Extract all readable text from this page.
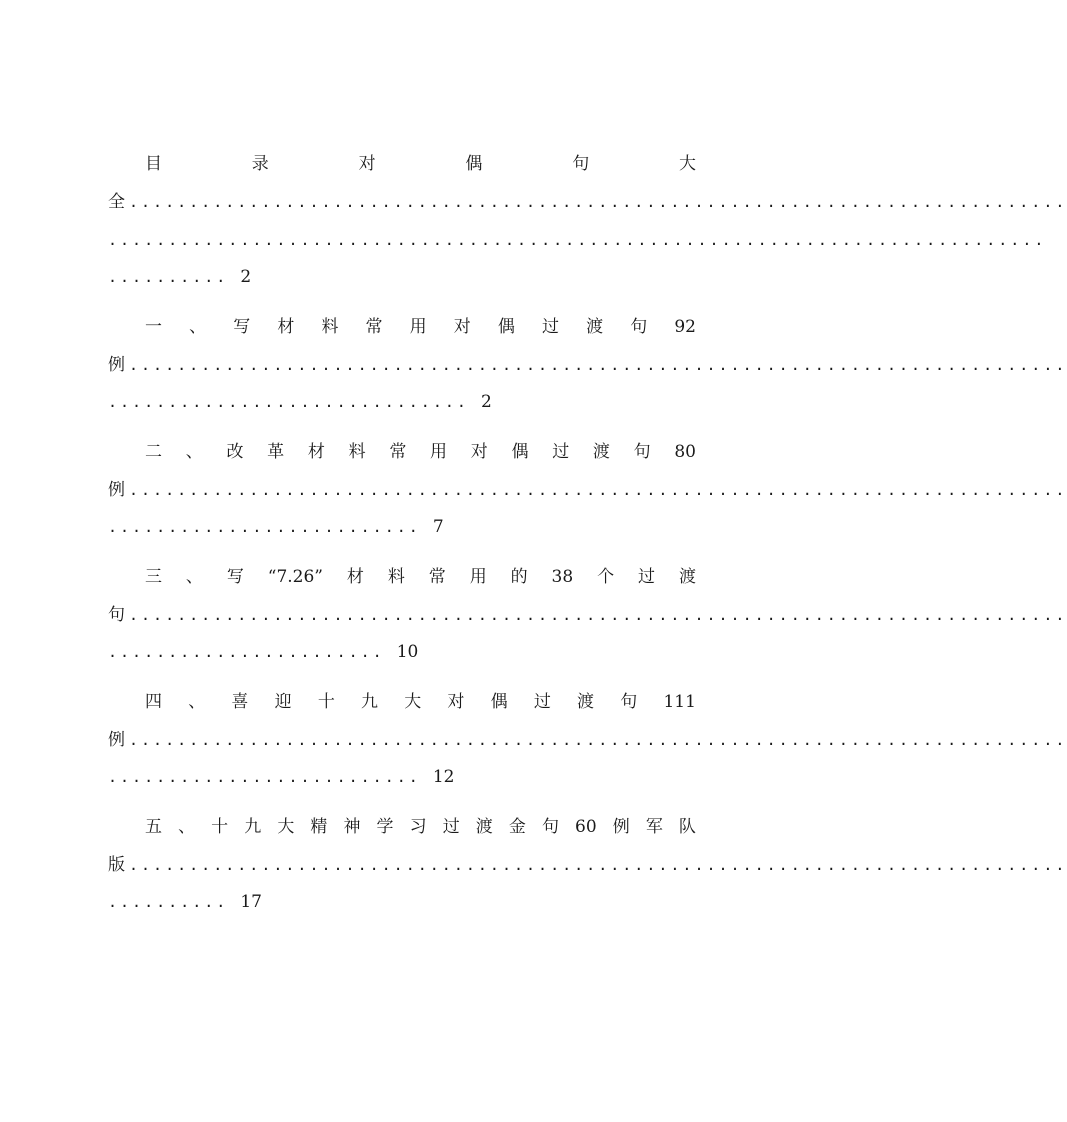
目	录	对	偶	句	大
全 ..............................................................................
..............................................................................
.......... 2
一 、 写 材 料 常 用 对 偶 过 渡 句 92
例 ..............................................................................
.............................. 2
二 、 改 革 材 料 常 用 对 偶 过 渡 句 80
例 ..............................................................................
.......................... 7
三 、 写 “7.26” 材 料 常 用 的 38 个 过 渡
句 ..............................................................................
....................... 10
四 、 喜 迎 十 九 大 对 偶 过 渡 句 111
例 ..............................................................................
.......................... 12
五 、 十 九 大 精 神 学 习 过 渡 金 句 60 例 军 队
版 ..............................................................................
.......... 17
